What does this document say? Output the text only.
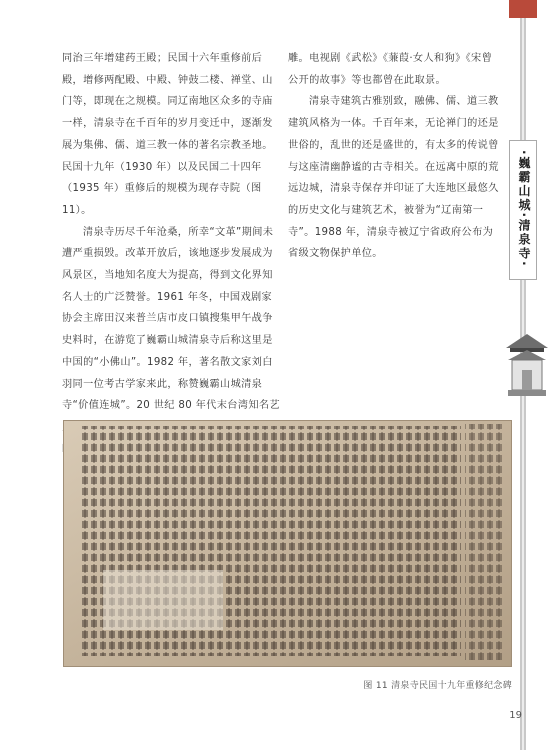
同治三年增建药王殿；民国十六年重修前后殿，增修两配殿、中殿、钟鼓二楼、禅堂、山门等，即现在之规模。同辽南地区众多的寺庙一样，清泉寺在千百年的岁月变迁中，逐渐发展为集佛、儒、道三教一体的著名宗教圣地。民国十九年（1930 年）以及民国二十四年（1935 年）重修后的规模为现存寺院（图 11）。

清泉寺历尽千年沧桑，所幸“文革”期间未遭严重损毁。改革开放后，该地逐步发展成为风景区，当地知名度大为提高，得到文化界知名人士的广泛赞誉。1961 年冬，中国戏剧家协会主席田汉来普兰店市皮口镇搜集甲午战争史料时，在游览了巍霸山城清泉寺后称这里是中国的“小佛山”。1982 年，著名散文家刘白羽同一位考古学家来此，称赞巍霸山城清泉寺“价值连城”。20 世纪 80 年代末台湾知名艺

雕。电视剧《武松》《蒹葭·女人和狗》《宋曾公开的故事》等也都曾在此取景。

清泉寺建筑古雅别致，融佛、儒、道三教建筑风格为一体。千百年来，无论禅门的还是世俗的，乱世的还是盛世的，有太多的传说曾与这座清幽静谧的古寺相关。在远离中原的荒远边城，清泉寺保存并印证了大连地区最悠久的历史文化与建筑艺术，被誉为“辽南第一寺”。1988 年，清泉寺被辽宁省政府公布为省级文物保护单位。	·巍霸山城·清泉寺·
图 11 清泉寺民国十九年重修纪念碑
19
